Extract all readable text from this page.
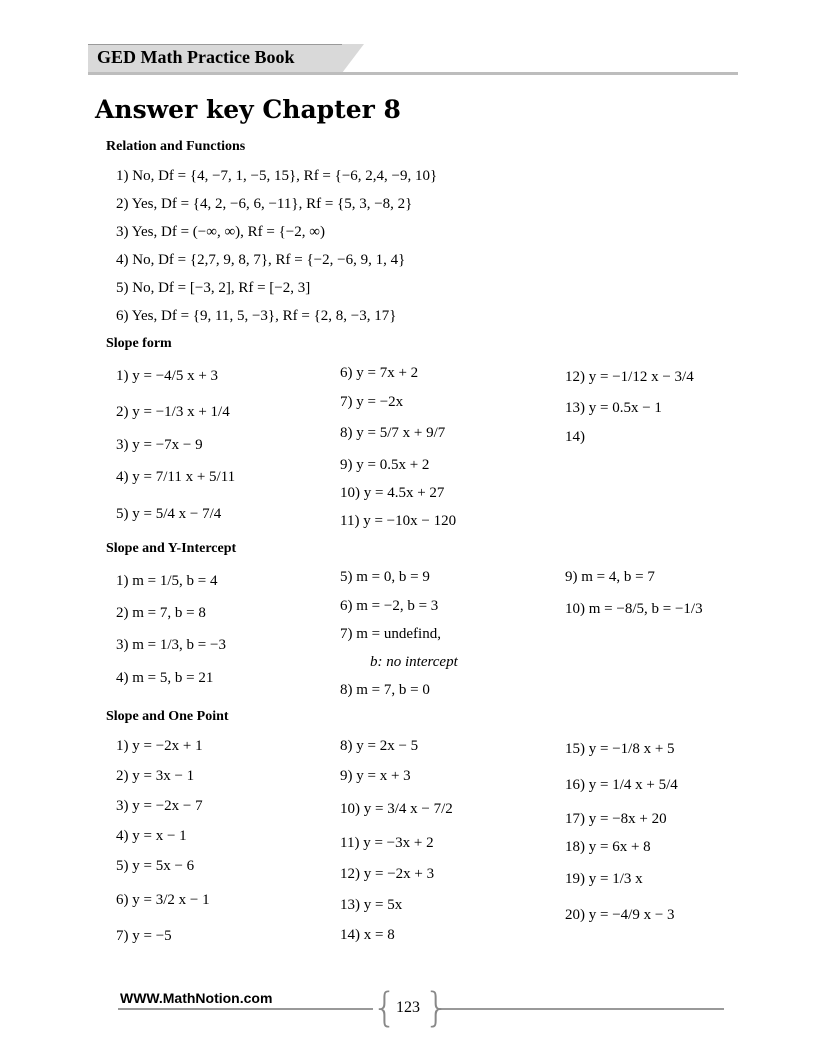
GED Math Practice Book
Answer key Chapter 8
Relation and Functions
1) No, Df = {4, −7, 1, −5, 15}, Rf = {−6, 2,4, −9, 10}
2) Yes, Df = {4, 2, −6, 6, −11}, Rf = {5, 3, −8, 2}
3) Yes, Df = (−∞, ∞), Rf = {−2, ∞)
4) No, Df = {2,7, 9, 8, 7}, Rf = {−2, −6, 9, 1, 4}
5) No, Df = [−3, 2], Rf = [−2, 3]
6) Yes, Df = {9, 11, 5, −3}, Rf = {2, 8, −3, 17}
Slope form
1) y = −4/5 x + 3
2) y = −1/3 x + 1/4
3) y = −7x − 9
4) y = 7/11 x + 5/11
5) y = 5/4 x − 7/4
6) y = 7x + 2
7) y = −2x
8) y = 5/7 x + 9/7
9) y = 0.5x + 2
10) y = 4.5x + 27
11) y = −10x − 120
12) y = −1/12 x − 3/4
13) y = 0.5x − 1
14)
Slope and Y-Intercept
1) m = 1/5, b = 4
2) m = 7, b = 8
3) m = 1/3, b = −3
4) m = 5, b = 21
5) m = 0, b = 9
6) m = −2, b = 3
7) m = undefind,
b: no intercept
8) m = 7, b = 0
9) m = 4, b = 7
10) m = −8/5, b = −1/3
Slope and One Point
1) y = −2x + 1
2) y = 3x − 1
3) y = −2x − 7
4) y = x − 1
5) y = 5x − 6
6) y = 3/2 x − 1
7) y = −5
8) y = 2x − 5
9) y = x + 3
10) y = 3/4 x − 7/2
11) y = −3x + 2
12) y = −2x + 3
13) y = 5x
14) x = 8
15) y = −1/8 x + 5
16) y = 1/4 x + 5/4
17) y = −8x + 20
18) y = 6x + 8
19) y = 1/3 x
20) y = −4/9 x − 3
WWW.MathNotion.com { }
123
